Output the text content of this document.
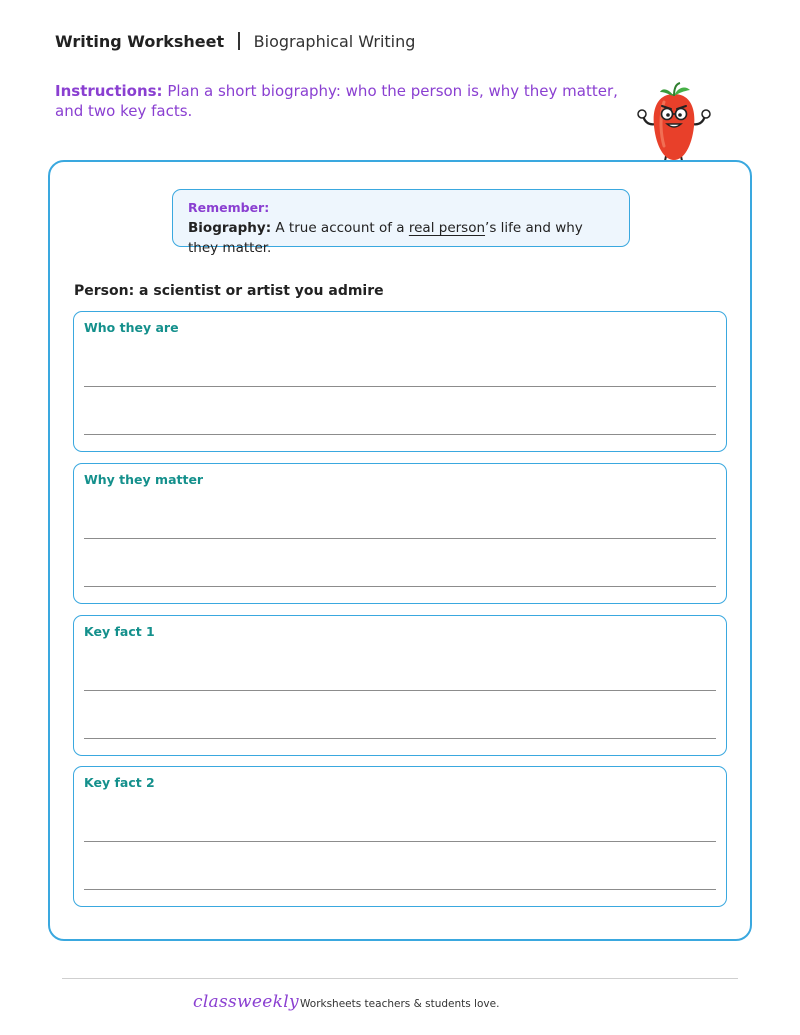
Writing Worksheet Biographical Writing
Instructions: Plan a short biography: who the person is, why they matter, and two key facts.
Remember:
Biography: A true account of a real person’s life and why they matter.
Person: a scientist or artist you admire
Who they are
Why they matter
Key fact 1
Key fact 2
classweekly Worksheets teachers & students love.
